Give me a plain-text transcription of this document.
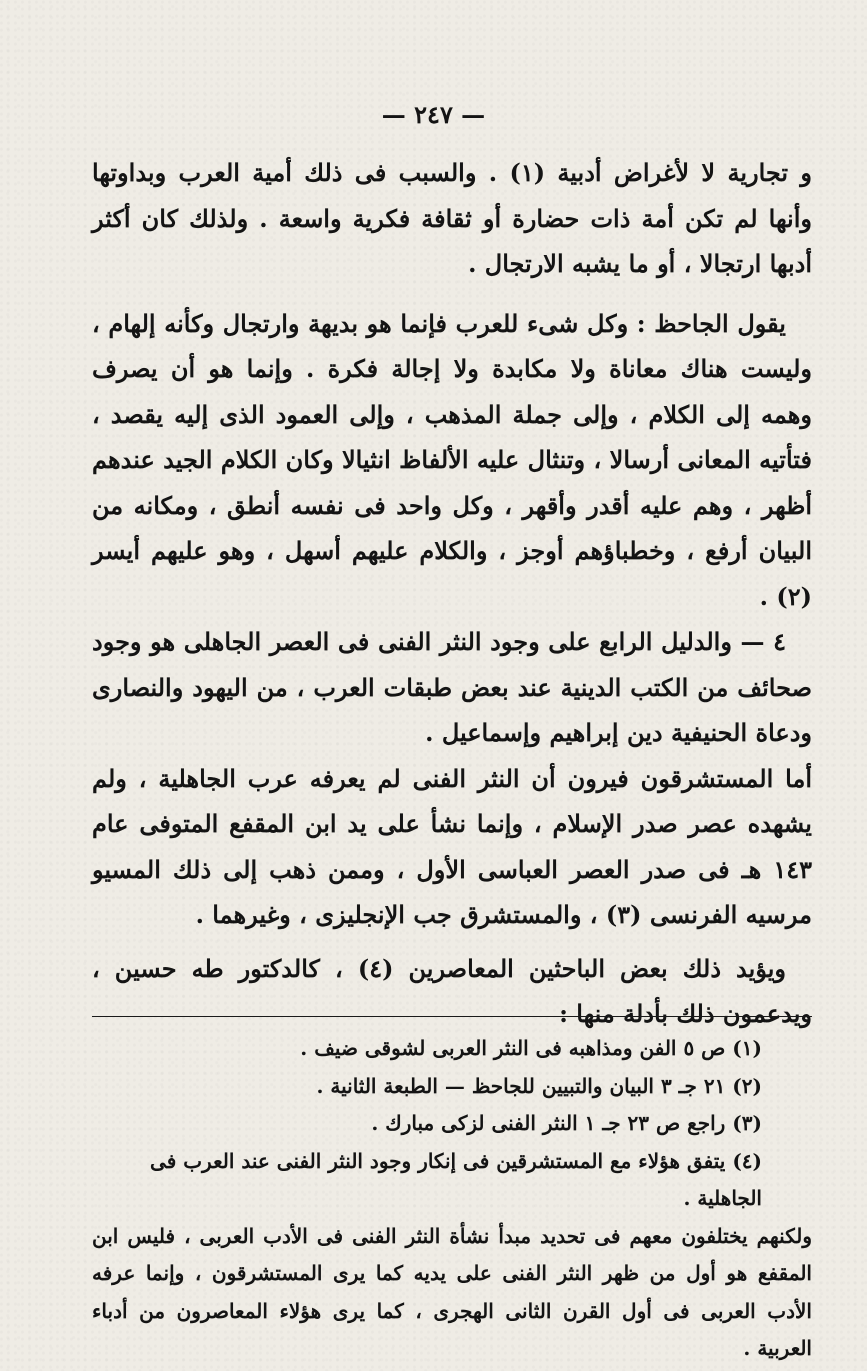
— ٢٤٧ —

و تجارية لا لأغراض أدبية (١) . والسبب فى ذلك أمية العرب وبداوتها وأنها لم تكن أمة ذات حضارة أو ثقافة فكرية واسعة . ولذلك كان أكثر أدبها ارتجالا ، أو ما يشبه الارتجال .

يقول الجاحظ : وكل شىء للعرب فإنما هو بديهة وارتجال وكأنه إلهام ، وليست هناك معاناة ولا مكابدة ولا إجالة فكرة . وإنما هو أن يصرف وهمه إلى الكلام ، وإلى جملة المذهب ، وإلى العمود الذى إليه يقصد ، فتأتيه المعانى أرسالا ، وتنثال عليه الألفاظ انثيالا وكان الكلام الجيد عندهم أظهر ، وهم عليه أقدر وأقهر ، وكل واحد فى نفسه أنطق ، ومكانه من البيان أرفع ، وخطباؤهم أوجز ، والكلام عليهم أسهل ، وهو عليهم أيسر (٢) .

٤ — والدليل الرابع على وجود النثر الفنى فى العصر الجاهلى هو وجود صحائف من الكتب الدينية عند بعض طبقات العرب ، من اليهود والنصارى ودعاة الحنيفية دين إبراهيم وإسماعيل .

أما المستشرقون فيرون أن النثر الفنى لم يعرفه عرب الجاهلية ، ولم يشهده عصر صدر الإسلام ، وإنما نشأ على يد ابن المقفع المتوفى عام ١٤٣ هـ فى صدر العصر العباسى الأول ، وممن ذهب إلى ذلك المسيو مرسيه الفرنسى (٣) ، والمستشرق جب الإنجليزى ، وغيرهما .

ويؤيد ذلك بعض الباحثين المعاصرين (٤) ، كالدكتور طه حسين ، ويدعمون ذلك بأدلة منها :

(١) ص ٥ الفن ومذاهبه فى النثر العربى لشوقى ضيف .

(٢) ٢١ جـ ٣ البيان والتبيين للجاحظ — الطبعة الثانية .

(٣) راجع ص ٢٣ جـ ١ النثر الفنى لزكى مبارك .

(٤) يتفق هؤلاء مع المستشرقين فى إنكار وجود النثر الفنى عند العرب فى الجاهلية .

ولكنهم يختلفون معهم فى تحديد مبدأ نشأة النثر الفنى فى الأدب العربى ، فليس ابن المقفع هو أول من ظهر النثر الفنى على يديه كما يرى المستشرقون ، وإنما عرفه الأدب العربى فى أول القرن الثانى الهجرى ، كما يرى هؤلاء المعاصرون من أدباء العربية .
